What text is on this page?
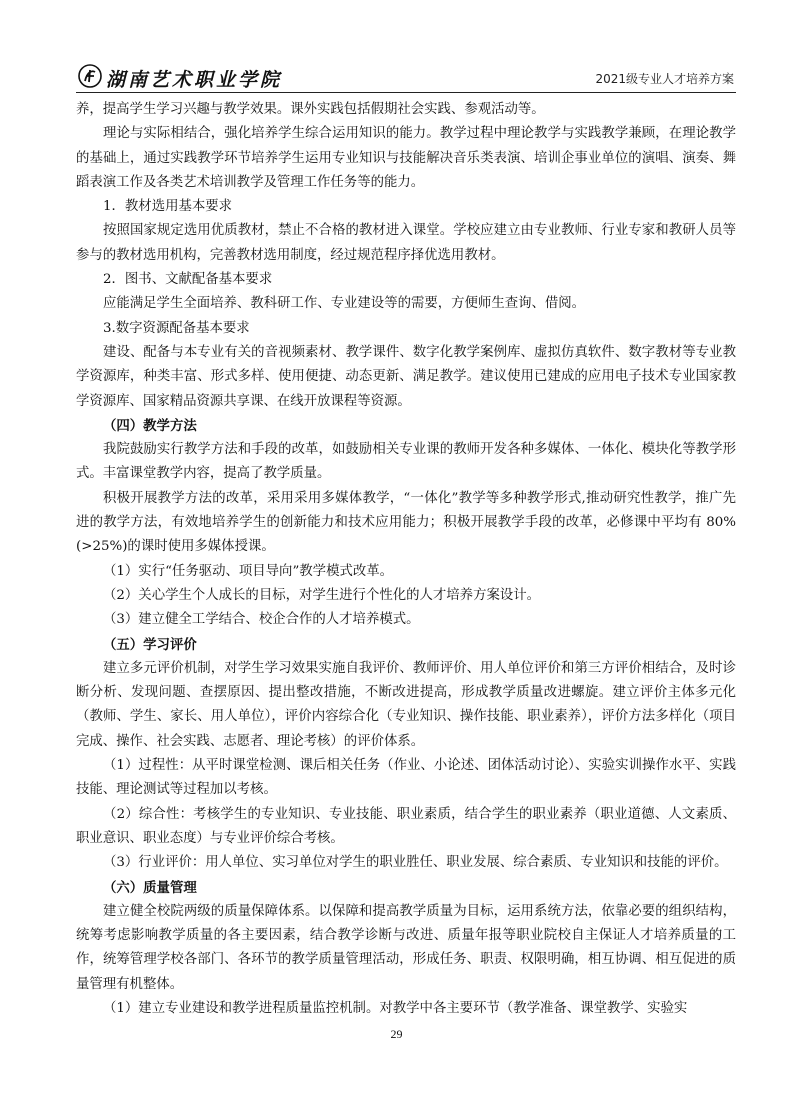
湖南艺术职业学院	2021级专业人才培养方案

养，提高学生学习兴趣与教学效果。课外实践包括假期社会实践、参观活动等。

理论与实际相结合，强化培养学生综合运用知识的能力。教学过程中理论教学与实践教学兼顾，在理论教学的基础上，通过实践教学环节培养学生运用专业知识与技能解决音乐类表演、培训企事业单位的演唱、演奏、舞蹈表演工作及各类艺术培训教学及管理工作任务等的能力。

1．教材选用基本要求

按照国家规定选用优质教材，禁止不合格的教材进入课堂。学校应建立由专业教师、行业专家和教研人员等参与的教材选用机构，完善教材选用制度，经过规范程序择优选用教材。

2．图书、文献配备基本要求

应能满足学生全面培养、教科研工作、专业建设等的需要，方便师生查询、借阅。

3.数字资源配备基本要求

建设、配备与本专业有关的音视频素材、教学课件、数字化教学案例库、虚拟仿真软件、数字教材等专业教学资源库，种类丰富、形式多样、使用便捷、动态更新、满足教学。建议使用已建成的应用电子技术专业国家教学资源库、国家精品资源共享课、在线开放课程等资源。

（四）教学方法

我院鼓励实行教学方法和手段的改革，如鼓励相关专业课的教师开发各种多媒体、一体化、模块化等教学形式。丰富课堂教学内容，提高了教学质量。

积极开展教学方法的改革，采用采用多媒体教学，“一体化”教学等多种教学形式,推动研究性教学，推广先进的教学方法，有效地培养学生的创新能力和技术应用能力；积极开展教学手段的改革，必修课中平均有 80%(>25%)的课时使用多媒体授课。

（1）实行“任务驱动、项目导向”教学模式改革。

（2）关心学生个人成长的目标，对学生进行个性化的人才培养方案设计。

（3）建立健全工学结合、校企合作的人才培养模式。

（五）学习评价

建立多元评价机制，对学生学习效果实施自我评价、教师评价、用人单位评价和第三方评价相结合，及时诊断分析、发现问题、查摆原因、提出整改措施，不断改进提高，形成教学质量改进螺旋。建立评价主体多元化（教师、学生、家长、用人单位），评价内容综合化（专业知识、操作技能、职业素养），评价方法多样化（项目完成、操作、社会实践、志愿者、理论考核）的评价体系。

（1）过程性：从平时课堂检测、课后相关任务（作业、小论述、团体活动讨论）、实验实训操作水平、实践技能、理论测试等过程加以考核。

（2）综合性：考核学生的专业知识、专业技能、职业素质，结合学生的职业素养（职业道德、人文素质、职业意识、职业态度）与专业评价综合考核。

（3）行业评价：用人单位、实习单位对学生的职业胜任、职业发展、综合素质、专业知识和技能的评价。

（六）质量管理

建立健全校院两级的质量保障体系。以保障和提高教学质量为目标，运用系统方法，依靠必要的组织结构，统筹考虑影响教学质量的各主要因素，结合教学诊断与改进、质量年报等职业院校自主保证人才培养质量的工作，统筹管理学校各部门、各环节的教学质量管理活动，形成任务、职责、权限明确，相互协调、相互促进的质量管理有机整体。

（1）建立专业建设和教学进程质量监控机制。对教学中各主要环节（教学准备、课堂教学、实验实

29
